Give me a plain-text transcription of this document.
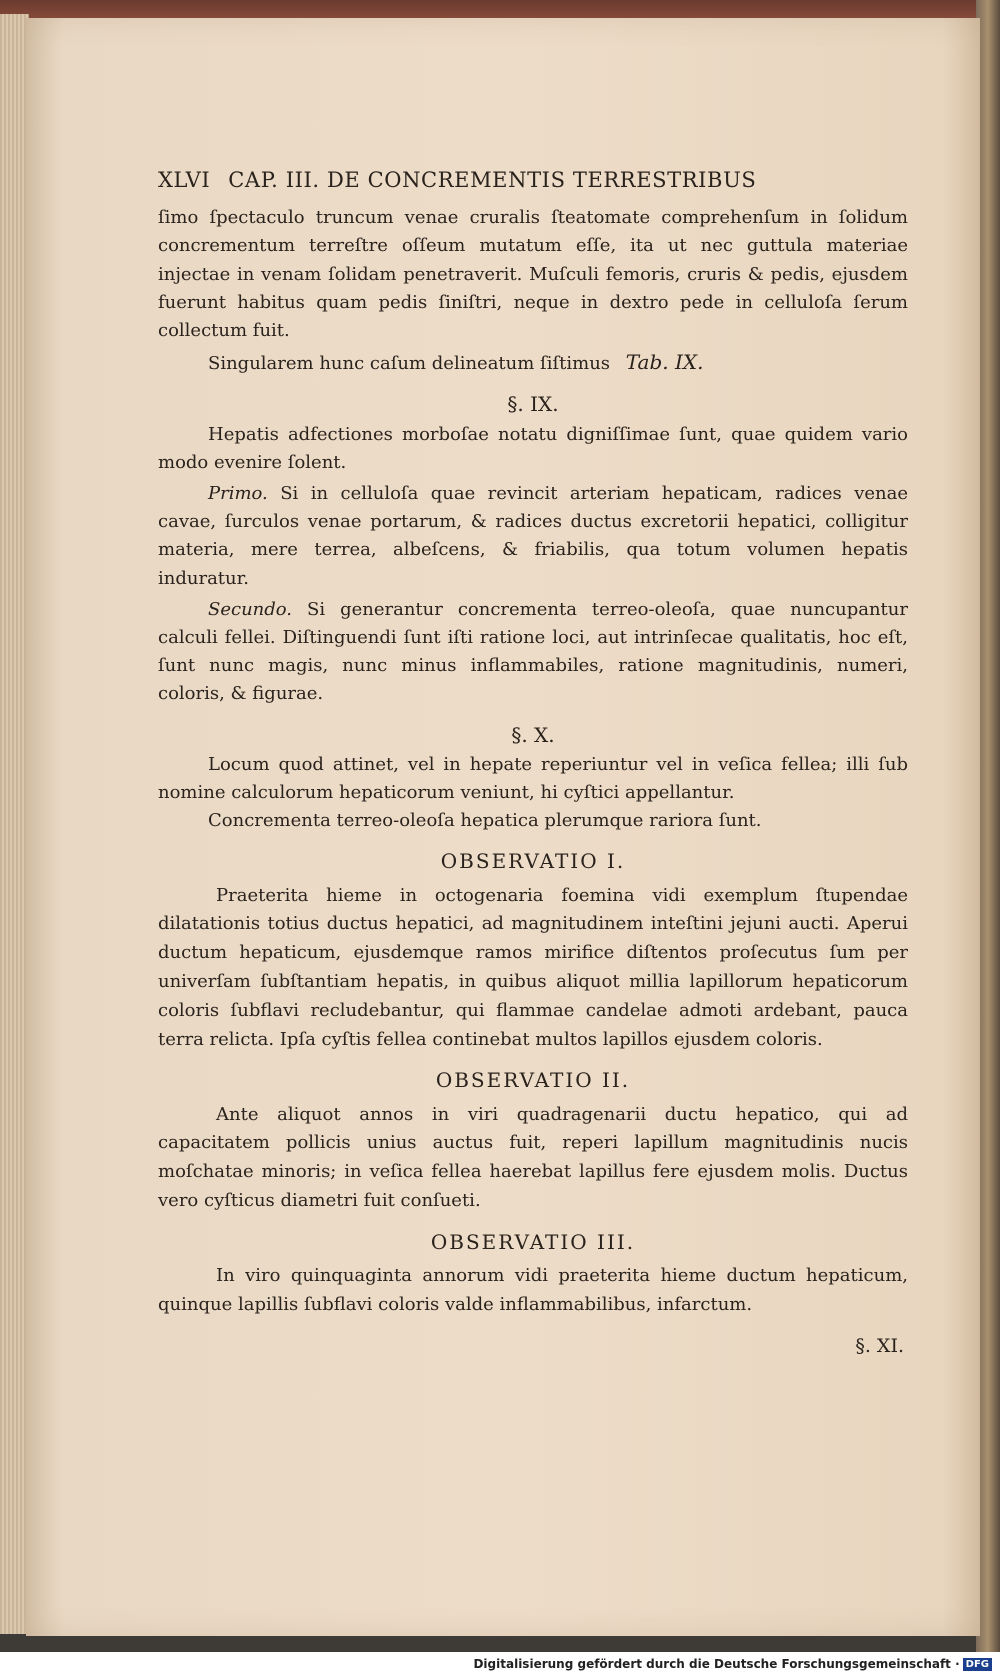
XLVI CAP. III. DE CONCREMENTIS TERRESTRIBUS

ſimo ſpectaculo truncum venae cruralis ſteatomate comprehenſum in ſolidum concrementum terreſtre oſſeum mutatum eſſe, ita ut nec guttula materiae injectae in venam ſolidam penetraverit. Muſculi femoris, cruris & pedis, ejusdem fuerunt habitus quam pedis ſiniſtri, neque in dextro pede in celluloſa ſerum collectum fuit.

Singularem hunc caſum delineatum ſiſtimus Tab. IX.

§. IX.

Hepatis adfectiones morboſae notatu digniſſimae ſunt, quae quidem vario modo evenire ſolent.

Primo. Si in celluloſa quae revincit arteriam hepaticam, radices venae cavae, ſurculos venae portarum, & radices ductus excretorii hepatici, colligitur materia, mere terrea, albeſcens, & friabilis, qua totum volumen hepatis induratur.

Secundo. Si generantur concrementa terreo-oleoſa, quae nuncupantur calculi fellei. Diſtinguendi ſunt iſti ratione loci, aut intrinſecae qualitatis, hoc eſt, ſunt nunc magis, nunc minus inflammabiles, ratione magnitudinis, numeri, coloris, & figurae.

§. X.

Locum quod attinet, vel in hepate reperiuntur vel in veſica fellea; illi ſub nomine calculorum hepaticorum veniunt, hi cyſtici appellantur.

Concrementa terreo-oleoſa hepatica plerumque rariora ſunt.

OBSERVATIO I.

Praeterita hieme in octogenaria foemina vidi exemplum ſtupendae dilatationis totius ductus hepatici, ad magnitudinem inteſtini jejuni aucti. Aperui ductum hepaticum, ejusdemque ramos mirifice diſtentos proſecutus ſum per univerſam ſubſtantiam hepatis, in quibus aliquot millia lapillorum hepaticorum coloris ſubflavi recludebantur, qui flammae candelae admoti ardebant, pauca terra relicta. Ipſa cyſtis fellea continebat multos lapillos ejusdem coloris.

OBSERVATIO II.

Ante aliquot annos in viri quadragenarii ductu hepatico, qui ad capacitatem pollicis unius auctus fuit, reperi lapillum magnitudinis nucis moſchatae minoris; in veſica fellea haerebat lapillus fere ejusdem molis. Ductus vero cyſticus diametri fuit conſueti.

OBSERVATIO III.

In viro quinquaginta annorum vidi praeterita hieme ductum hepaticum, quinque lapillis ſubflavi coloris valde inflammabilibus, infarctum.

§. XI.
Digitalisierung gefördert durch die Deutsche Forschungsgemeinschaft · DFG
